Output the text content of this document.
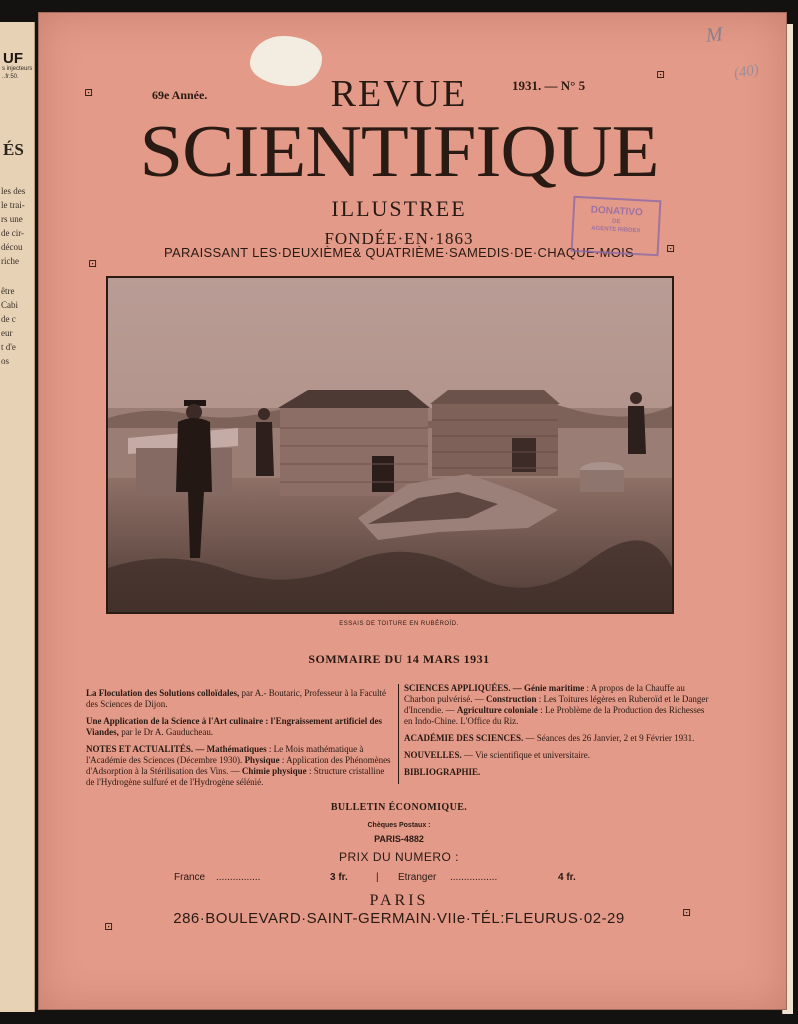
UF
s injecteurs
..fr.50.
ÉS
les des
le trai-
rs une
de cir-
décou
riche
être
Cabi
de c
eur
t d'e
os
M
(40)
⊡
⊡
⊡
⊡
⊡
⊡
69e Année.
1931. — N° 5
REVUE
SCIENTIFIQUE
ILLUSTREE
FONDÉE·EN·1863
PARAISSANT LES·DEUXIÈME& QUATRIÈME·SAMEDIS·DE·CHAQUE·MOIS
DONATIVO
DE
AGENTE RIBDEX
ESSAIS DE TOITURE EN RUBÉROÏD.
SOMMAIRE DU 14 MARS 1931
La Floculation des Solutions colloïdales, par A.- Boutaric, Professeur à la Faculté des Sciences de Dijon.
Une Application de la Science à l'Art culinaire : l'Engraissement artificiel des Viandes, par le Dr A. Gauducheau.
NOTES ET ACTUALITÉS. — Mathématiques : Le Mois mathématique à l'Académie des Sciences (Décembre 1930). Physique : Application des Phénomènes d'Adsorption à la Stérilisation des Vins. — Chimie physique : Structure cristalline de l'Hydrogène sulfuré et de l'Hydrogène sélénié.
SCIENCES APPLIQUÉES. — Génie maritime : A propos de la Chauffe au Charbon pulvérisé. — Construction : Les Toitures légères en Ruberoïd et le Danger d'Incendie. — Agriculture coloniale : Le Problème de la Production des Richesses en Indo-Chine. L'Office du Riz.
ACADÉMIE DES SCIENCES. — Séances des 26 Janvier, 2 et 9 Février 1931.
NOUVELLES. — Vie scientifique et universitaire.
BIBLIOGRAPHIE.
BULLETIN ÉCONOMIQUE.
Chèques Postaux :
PARIS-4882
PRIX DU NUMERO :
France ................	3 fr.	| Etranger .................	4 fr.
PARIS
286·BOULEVARD·SAINT-GERMAIN·VIIe·TÉL:FLEURUS·02-29
